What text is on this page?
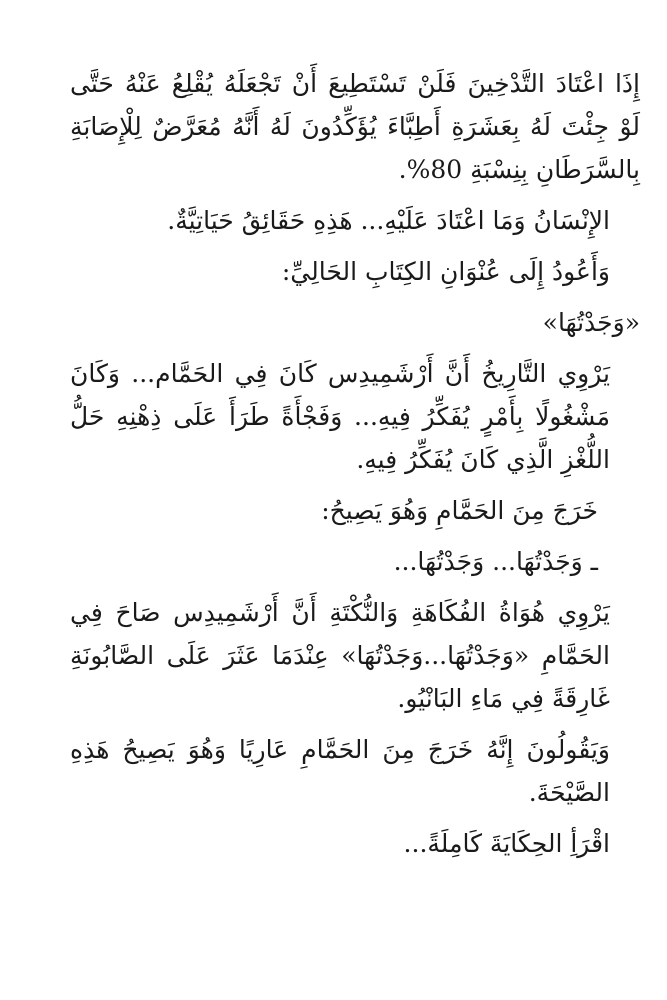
إِذَا اعْتَادَ التَّدْخِينَ فَلَنْ تَسْتَطِيعَ أَنْ تَجْعَلَهُ يُقْلِعُ عَنْهُ حَتَّى لَوْ جِئْتَ لَهُ بِعَشَرَةِ أَطِبَّاءَ يُؤَكِّدُونَ لَهُ أَنَّهُ مُعَرَّضٌ لِلْإِصَابَةِ بِالسَّرَطَانِ بِنِسْبَةِ 80%.

الإِنْسَانُ وَمَا اعْتَادَ عَلَيْهِ... هَذِهِ حَقَائِقُ حَيَاتِيَّةٌ.

وَأَعُودُ إِلَى عُنْوَانِ الكِتَابِ الحَالِيِّ:

«وَجَدْتُهَا»

يَرْوِي التَّارِيخُ أَنَّ أَرْشَمِيدِس كَانَ فِي الحَمَّام... وَكَانَ مَشْغُولًا بِأَمْرٍ يُفَكِّرُ فِيهِ... وَفَجْأَةً طَرَأَ عَلَى ذِهْنِهِ حَلُّ اللُّغْزِ الَّذِي كَانَ يُفَكِّرُ فِيهِ.

خَرَجَ مِنَ الحَمَّامِ وَهُوَ يَصِيحُ:

ـ وَجَدْتُهَا... وَجَدْتُهَا...

يَرْوِي هُوَاةُ الفُكَاهَةِ وَالنُّكْتَةِ أَنَّ أَرْشَمِيدِس صَاحَ فِي الحَمَّامِ «وَجَدْتُهَا...وَجَدْتُهَا» عِنْدَمَا عَثَرَ عَلَى الصَّابُونَةِ غَارِقَةً فِي مَاءِ البَانْيُو.

وَيَقُولُونَ إِنَّهُ خَرَجَ مِنَ الحَمَّامِ عَارِيًا وَهُوَ يَصِيحُ هَذِهِ الصَّيْحَةَ.

اقْرَأِ الحِكَايَةَ كَامِلَةً...
